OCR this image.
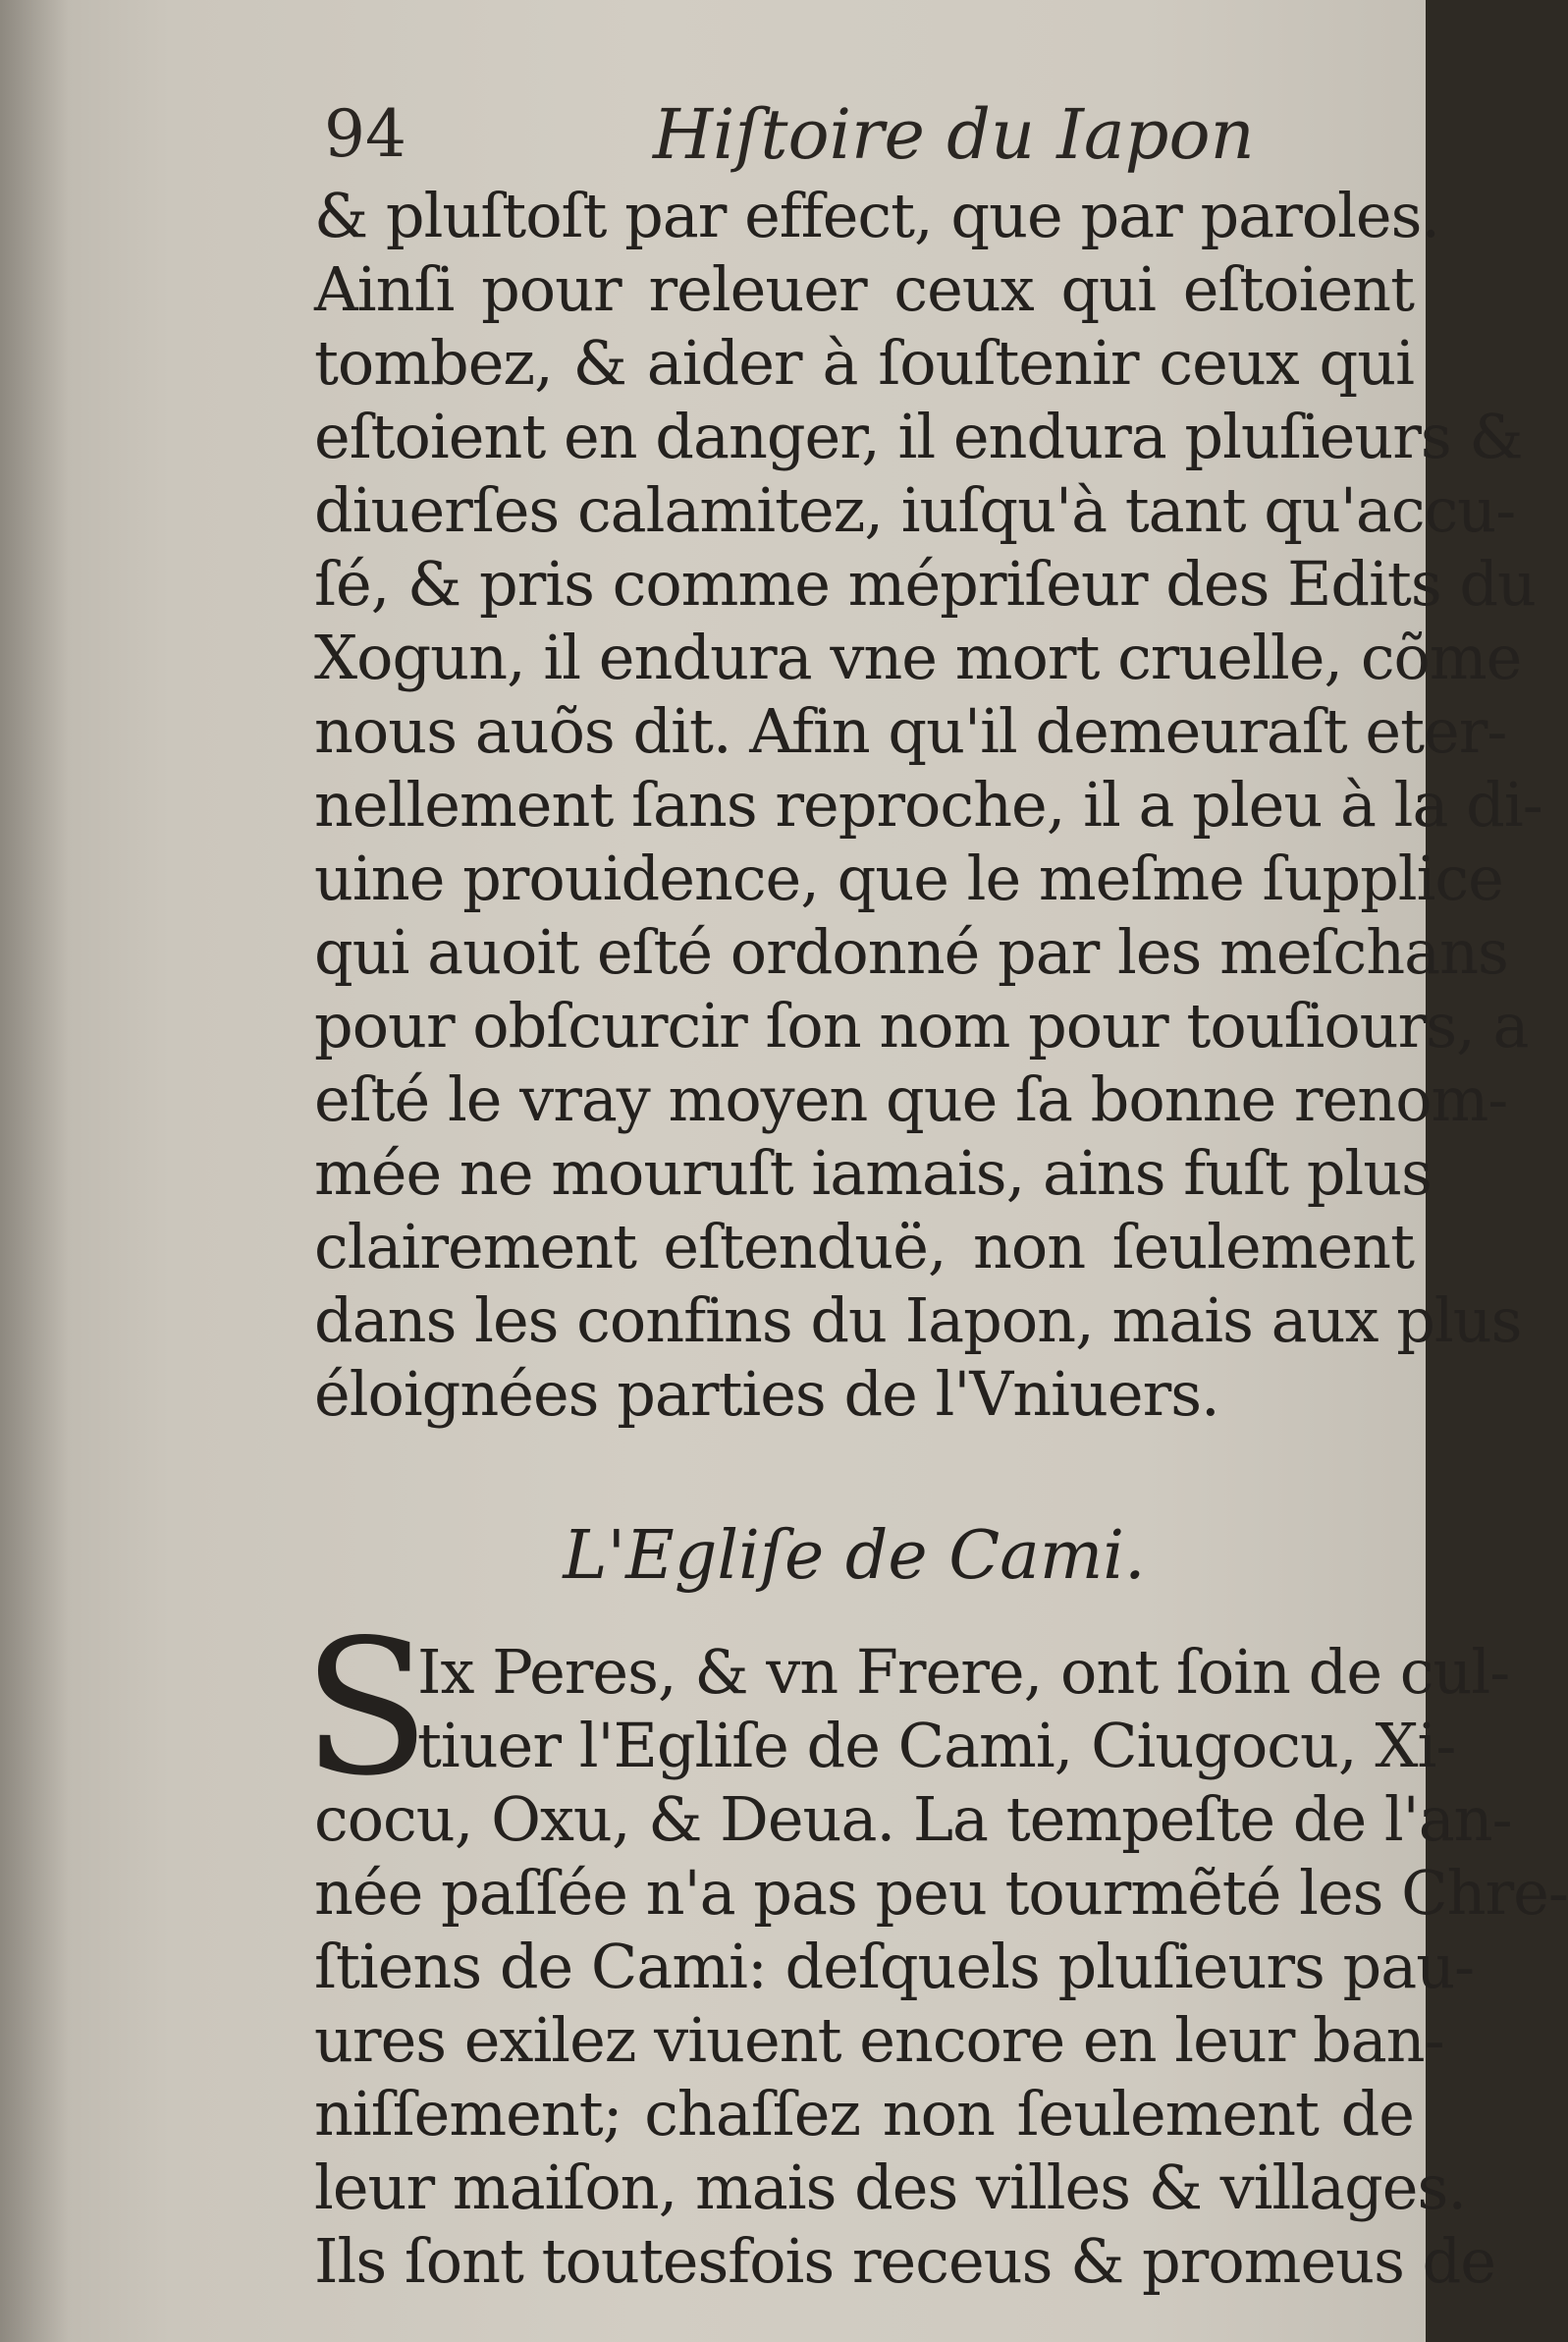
94	Hiſtoire du Iapon
& pluſtoſt par effect, que par paroles.
Ainſi pour releuer ceux qui eſtoient
tombez, & aider à ſouſtenir ceux qui
eſtoient en danger, il endura pluſieurs &
diuerſes calamitez, iuſqu'à tant qu'accu-
ſé, & pris comme mépriſeur des Edits du
Xogun, il endura vne mort cruelle, cõme
nous auõs dit. Afin qu'il demeuraſt eter-
nellement ſans reproche, il a pleu à la di-
uine prouidence, que le meſme ſupplice
qui auoit eſté ordonné par les meſchans
pour obſcurcir ſon nom pour touſiours, a
eſté le vray moyen que ſa bonne renom-
mée ne mouruſt iamais, ains fuſt plus
clairement eſtenduë, non ſeulement
dans les confins du Iapon, mais aux plus
éloignées parties de l'Vniuers.
L'Egliſe de Cami.
S
Ix Peres, & vn Frere, ont ſoin de cul-
tiuer l'Egliſe de Cami, Ciugocu, Xi-
cocu, Oxu, & Deua. La tempeſte de l'an-
née paſſée n'a pas peu tourmẽté les Chre-
ſtiens de Cami: deſquels pluſieurs pau-
ures exilez viuent encore en leur ban-
niſſement; chaſſez non ſeulement de
leur maiſon, mais des villes & villages.
Ils ſont toutesfois receus & promeus de
